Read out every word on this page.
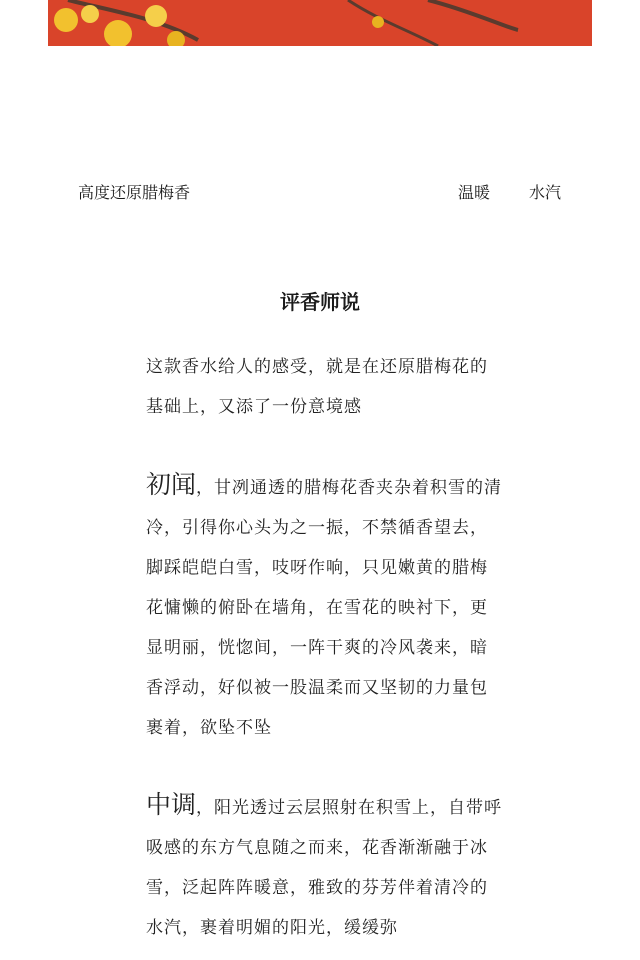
高度还原腊梅香	温暖 水汽
评香师说
这款香水给人的感受，就是在还原腊梅花的基础上，又添了一份意境感
初闻，甘冽通透的腊梅花香夹杂着积雪的清冷，引得你心头为之一振，不禁循香望去，脚踩皑皑白雪，吱呀作响，只见嫩黄的腊梅花慵懒的俯卧在墙角，在雪花的映衬下，更显明丽，恍惚间，一阵干爽的冷风袭来，暗香浮动，好似被一股温柔而又坚韧的力量包裹着，欲坠不坠
中调，阳光透过云层照射在积雪上，自带呼吸感的东方气息随之而来，花香渐渐融于冰雪，泛起阵阵暖意，雅致的芬芳伴着清冷的水汽，裹着明媚的阳光，缓缓弥
